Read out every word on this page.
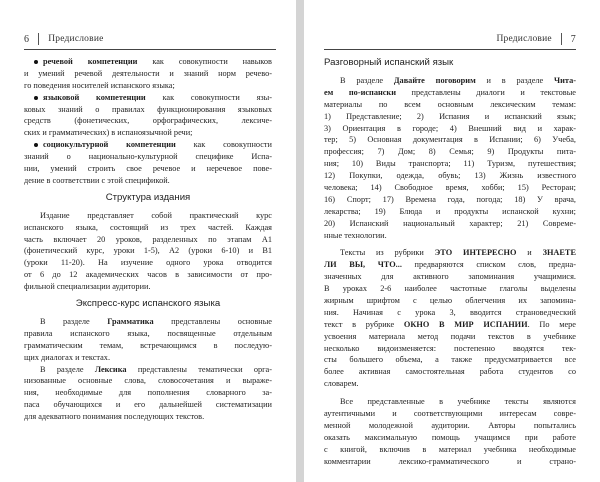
6 Предисловие
речевой компетенции как совокупности навыков
и умений речевой деятельности и знаний норм речево-
го поведения носителей испанского языка;
языковой компетенции как совокупности язы-
ковых знаний о правилах функционирования языковых
средств (фонетических, орфографических, лексиче-
ских и грамматических) в испаноязычной речи;
социокультурной компетенции как совокупности
знаний о национально-культурной специфике Испа-
нии, умений строить свое речевое и неречевое пове-
дение в соответствии с этой спецификой.
Структура издания
Издание представляет собой практический курс
испанского языка, состоящий из трех частей. Каждая
часть включает 20 уроков, разделенных по этапам А1
(фонетический курс, уроки 1-5), А2 (уроки 6-10) и В1
(уроки 11-20). На изучение одного урока отводится
от 6 до 12 академических часов в зависимости от про-
фильной специализации аудитории.
Экспресс-курс испанского языка
В разделе Грамматика представлены основные
правила испанского языка, посвященные отдельным
грамматическим темам, встречающимся в последую-
щих диалогах и текстах.
В разделе Лексика представлены тематически орга-
низованные основные слова, словосочетания и выраже-
ния, необходимые для пополнения словарного за-
паса обучающихся и его дальнейшей систематизации
для адекватного понимания последующих текстов.
Предисловие 7
Разговорный испанский язык
В разделе Давайте поговорим и в разделе Чита-
ем по-испански представлены диалоги и текстовые
материалы по всем основным лексическим темам:
1) Представление; 2) Испания и испанский язык;
3) Ориентация в городе; 4) Внешний вид и харак-
тер; 5) Основная документация в Испании; 6) Учеба,
профессия; 7) Дом; 8) Семья; 9) Продукты пита-
ния; 10) Виды транспорта; 11) Туризм, путешествия;
12) Покупки, одежда, обувь; 13) Жизнь известного
человека; 14) Свободное время, хобби; 15) Ресторан;
16) Спорт; 17) Времена года, погода; 18) У врача,
лекарства; 19) Блюда и продукты испанской кухни;
20) Испанский национальный характер; 21) Совреме-
нные технологии.
Тексты из рубрики ЭТО ИНТЕРЕСНО и ЗНАЕТЕ
ЛИ ВЫ, ЧТО... предваряются списком слов, предна-
значенных для активного запоминания учащимися.
В уроках 2-6 наиболее частотные глаголы выделены
жирным шрифтом с целью облегчения их запомина-
ния. Начиная с урока 3, вводится страноведческий
текст в рубрике ОКНО В МИР ИСПАНИИ. По мере
усвоения материала метод подачи текстов в учебнике
несколько видоизменяется: постепенно вводятся тек-
сты большего объема, а также предусматривается все
более активная самостоятельная работа студентов со
словарем.
Все представленные в учебнике тексты являются
аутентичными и соответствующими интересам совре-
менной молодежной аудитории. Авторы попытались
оказать максимальную помощь учащимся при работе
с книгой, включив в материал учебника необходимые
комментарии лексико-грамматического и страно-
